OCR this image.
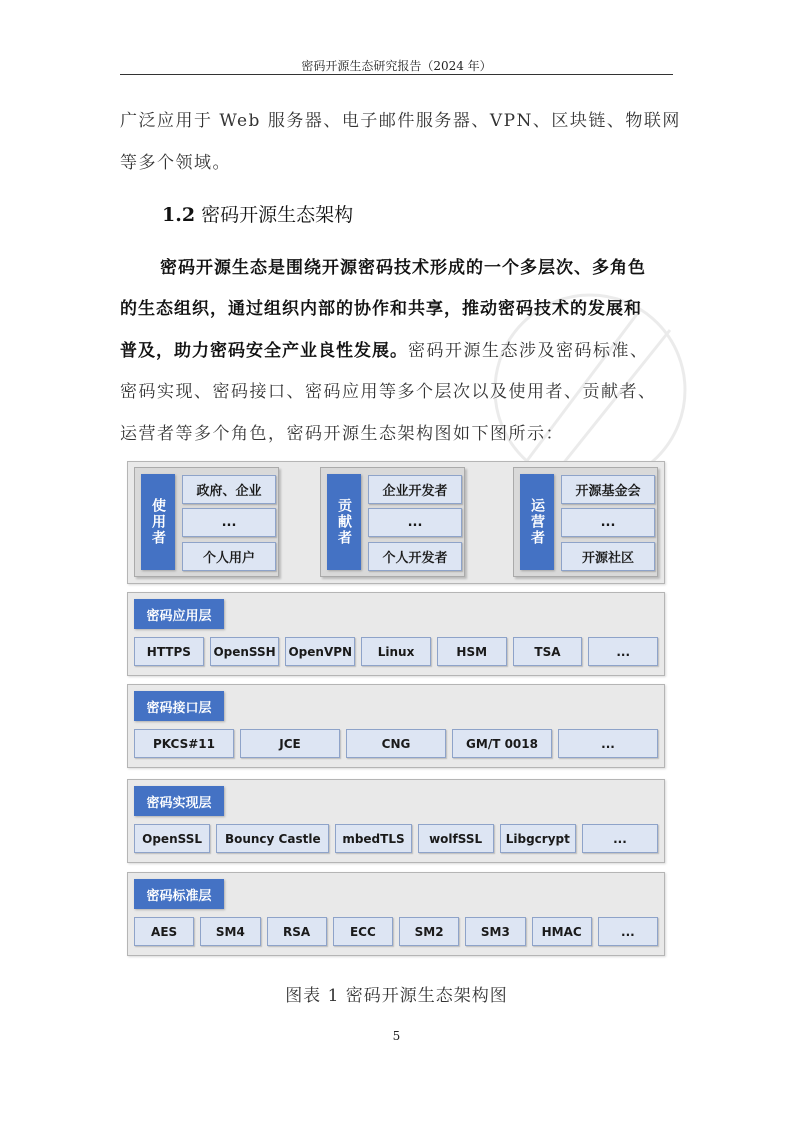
密码开源生态研究报告（2024 年）
广泛应用于 Web 服务器、电子邮件服务器、VPN、区块链、物联网
等多个领域。
1.2 密码开源生态架构
密码开源生态是围绕开源密码技术形成的一个多层次、多角色
的生态组织，通过组织内部的协作和共享，推动密码技术的发展和
普及，助力密码安全产业良性发展。密码开源生态涉及密码标准、
密码实现、密码接口、密码应用等多个层次以及使用者、贡献者、
运营者等多个角色，密码开源生态架构图如下图所示：
使用者
政府、企业
...
个人用户
贡献者
企业开发者
...
个人开发者
运营者
开源基金会
...
开源社区
密码应用层
HTTPS	OpenSSH	OpenVPN	Linux	HSM	TSA	...
密码接口层
PKCS#11	JCE	CNG	GM/T 0018	...
密码实现层
OpenSSL	Bouncy Castle	mbedTLS	wolfSSL	Libgcrypt	...
密码标准层
AES	SM4	RSA	ECC	SM2	SM3	HMAC	...
图表 1 密码开源生态架构图
5
